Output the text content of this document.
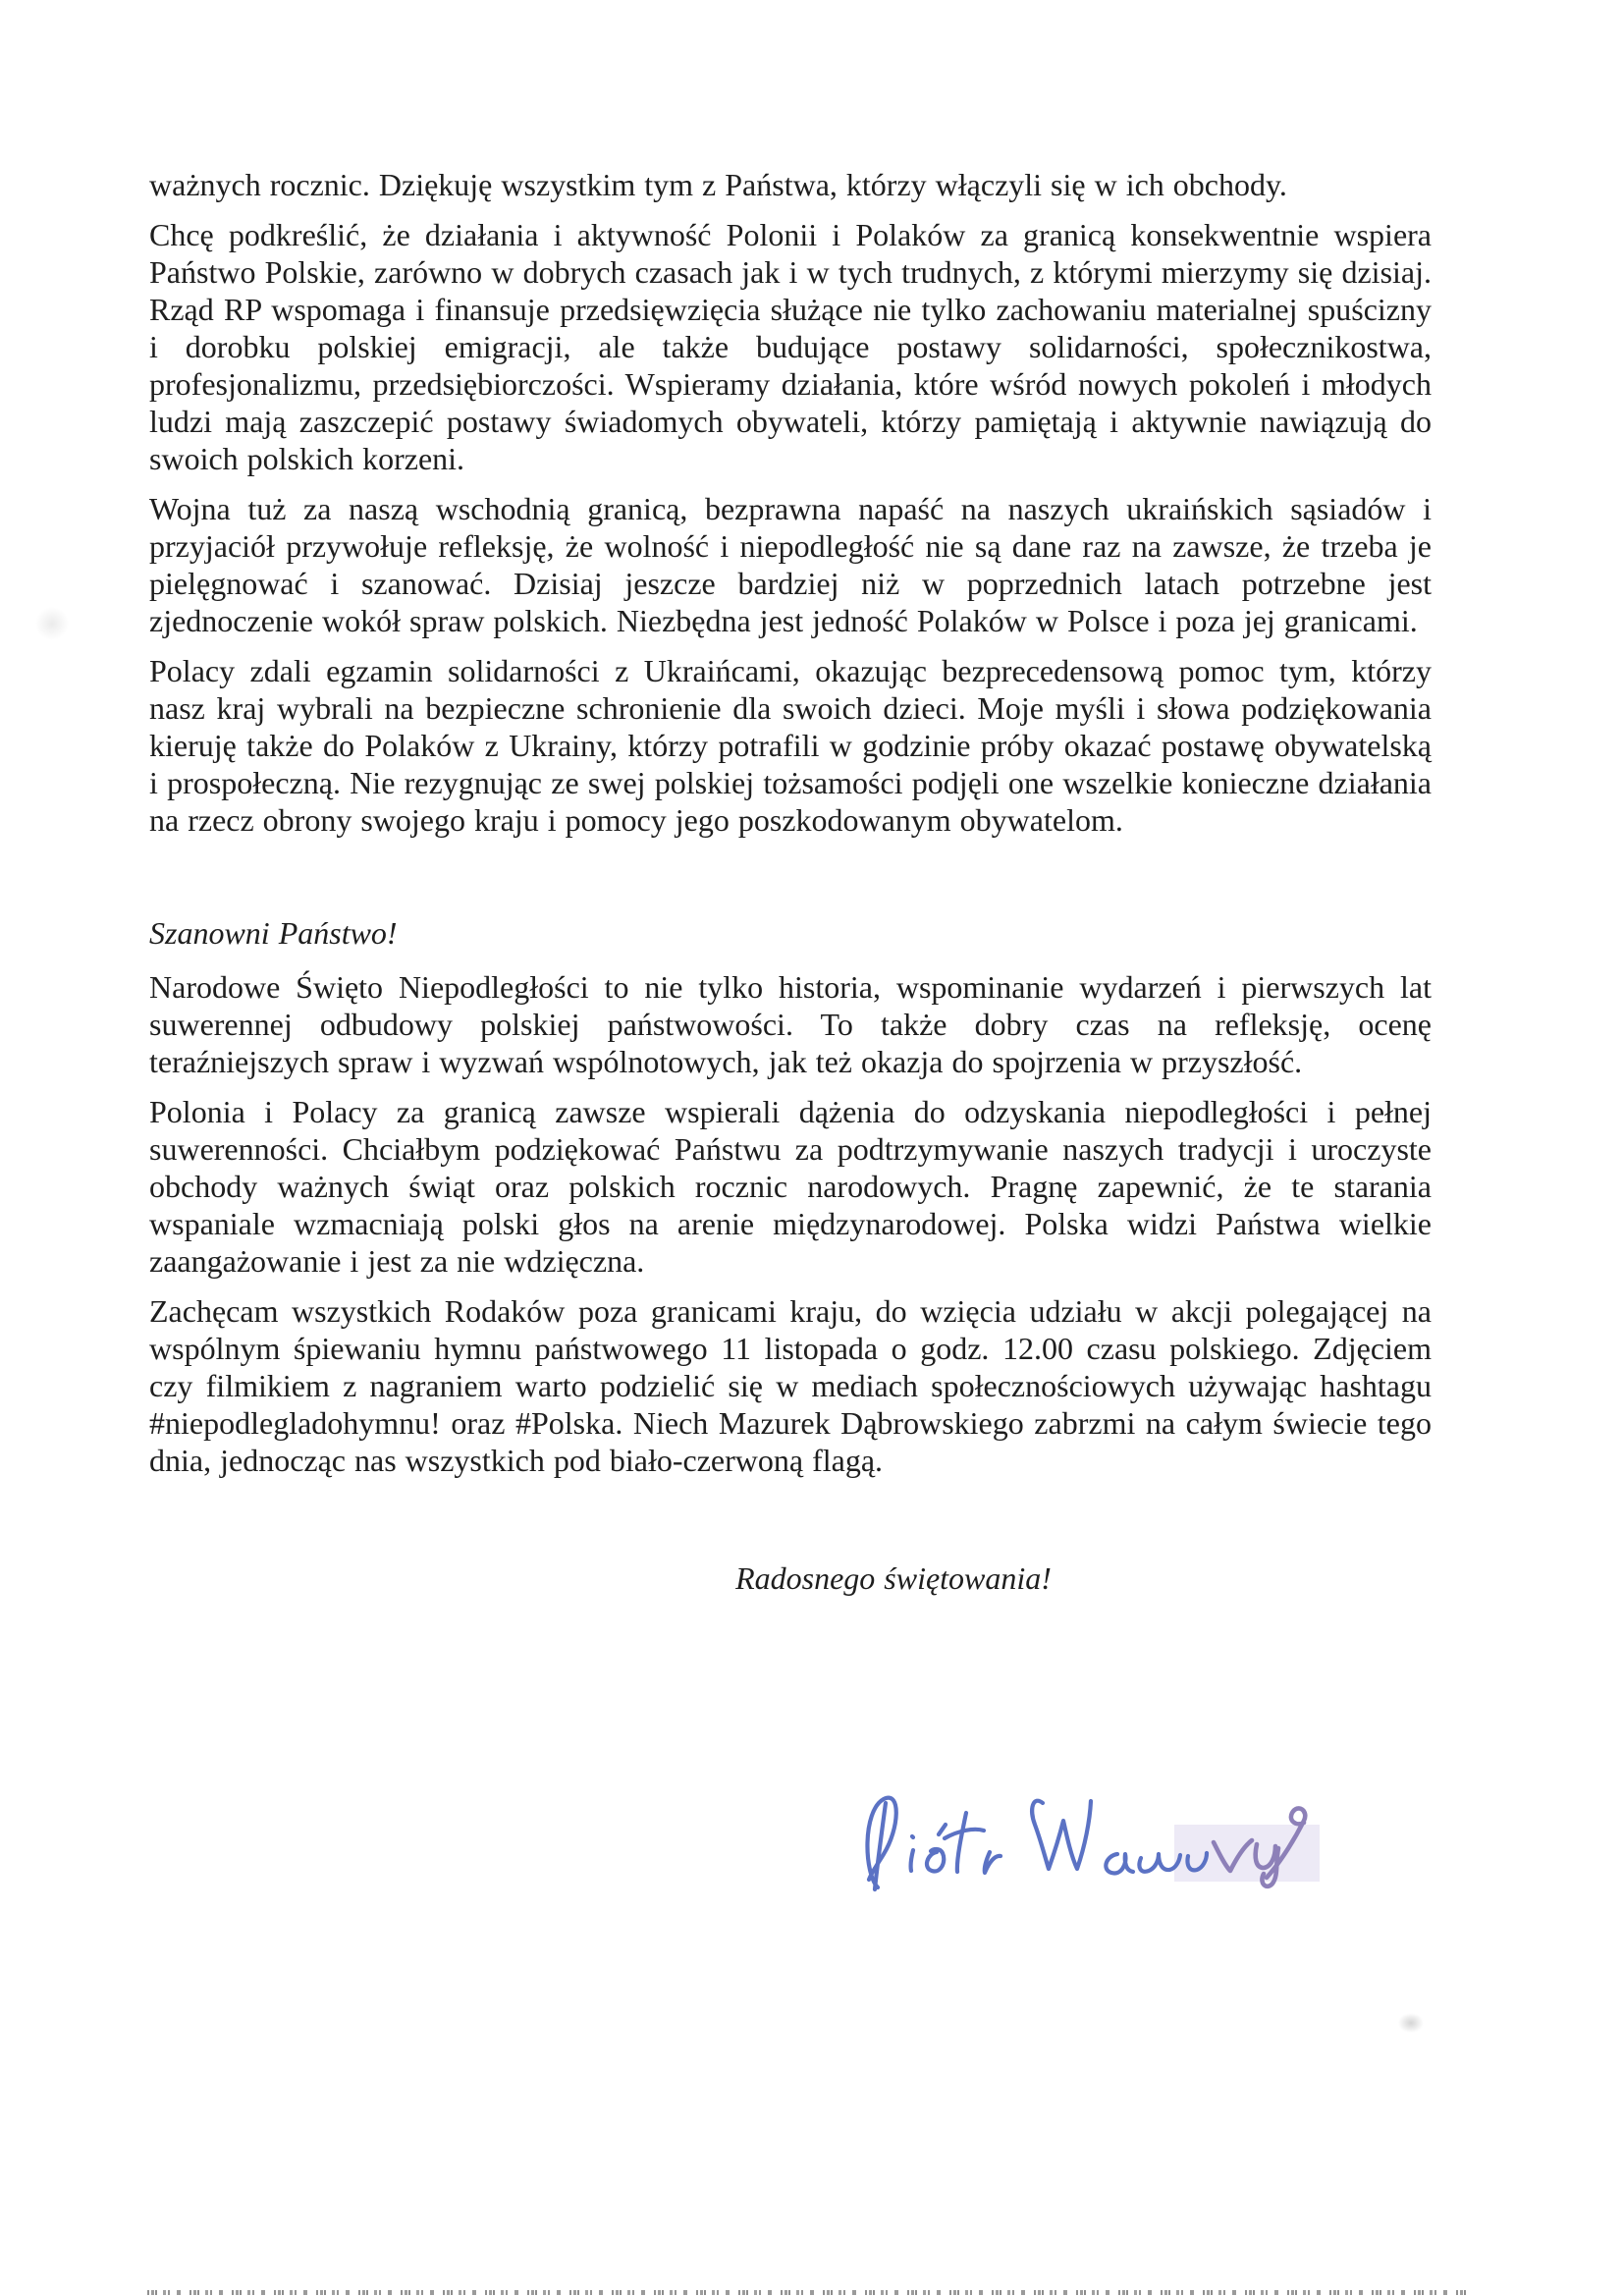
ważnych rocznic. Dziękuję wszystkim tym z Państwa, którzy włączyli się w ich obchody.

Chcę podkreślić, że działania i aktywność Polonii i Polaków za granicą konsekwentnie wspiera Państwo Polskie, zarówno w dobrych czasach jak i w tych trudnych, z którymi mierzymy się dzisiaj. Rząd RP wspomaga i finansuje przedsięwzięcia służące nie tylko zachowaniu materialnej spuścizny i dorobku polskiej emigracji, ale także budujące postawy solidarności, społecznikostwa, profesjonalizmu, przedsiębiorczości. Wspieramy działania, które wśród nowych pokoleń i młodych ludzi mają zaszczepić postawy świadomych obywateli, którzy pamiętają i aktywnie nawiązują do swoich polskich korzeni.

Wojna tuż za naszą wschodnią granicą, bezprawna napaść na naszych ukraińskich sąsiadów i przyjaciół przywołuje refleksję, że wolność i niepodległość nie są dane raz na zawsze, że trzeba je pielęgnować i szanować. Dzisiaj jeszcze bardziej niż w poprzednich latach potrzebne jest zjednoczenie wokół spraw polskich. Niezbędna jest jedność Polaków w Polsce i poza jej granicami.

Polacy zdali egzamin solidarności z Ukraińcami, okazując bezprecedensową pomoc tym, którzy nasz kraj wybrali na bezpieczne schronienie dla swoich dzieci. Moje myśli i słowa podziękowania kieruję także do Polaków z Ukrainy, którzy potrafili w godzinie próby okazać postawę obywatelską i prospołeczną. Nie rezygnując ze swej polskiej tożsamości podjęli one wszelkie konieczne działania na rzecz obrony swojego kraju i pomocy jego poszkodowanym obywatelom.

Szanowni Państwo!

Narodowe Święto Niepodległości to nie tylko historia, wspominanie wydarzeń i pierwszych lat suwerennej odbudowy polskiej państwowości. To także dobry czas na refleksję, ocenę teraźniejszych spraw i wyzwań wspólnotowych, jak też okazja do spojrzenia w przyszłość.

Polonia i Polacy za granicą zawsze wspierali dążenia do odzyskania niepodległości i pełnej suwerenności. Chciałbym podziękować Państwu za podtrzymywanie naszych tradycji i uroczyste obchody ważnych świąt oraz polskich rocznic narodowych. Pragnę zapewnić, że te starania wspaniale wzmacniają polski głos na arenie międzynarodowej. Polska widzi Państwa wielkie zaangażowanie i jest za nie wdzięczna.

Zachęcam wszystkich Rodaków poza granicami kraju, do wzięcia udziału w akcji polegającej na wspólnym śpiewaniu hymnu państwowego 11 listopada o godz. 12.00 czasu polskiego. Zdjęciem czy filmikiem z nagraniem warto podzielić się w mediach społecznościowych używając hashtagu #niepodlegladohymnu! oraz #Polska. Niech Mazurek Dąbrowskiego zabrzmi na całym świecie tego dnia, jednocząc nas wszystkich pod biało-czerwoną flagą.

Radosnego świętowania!
